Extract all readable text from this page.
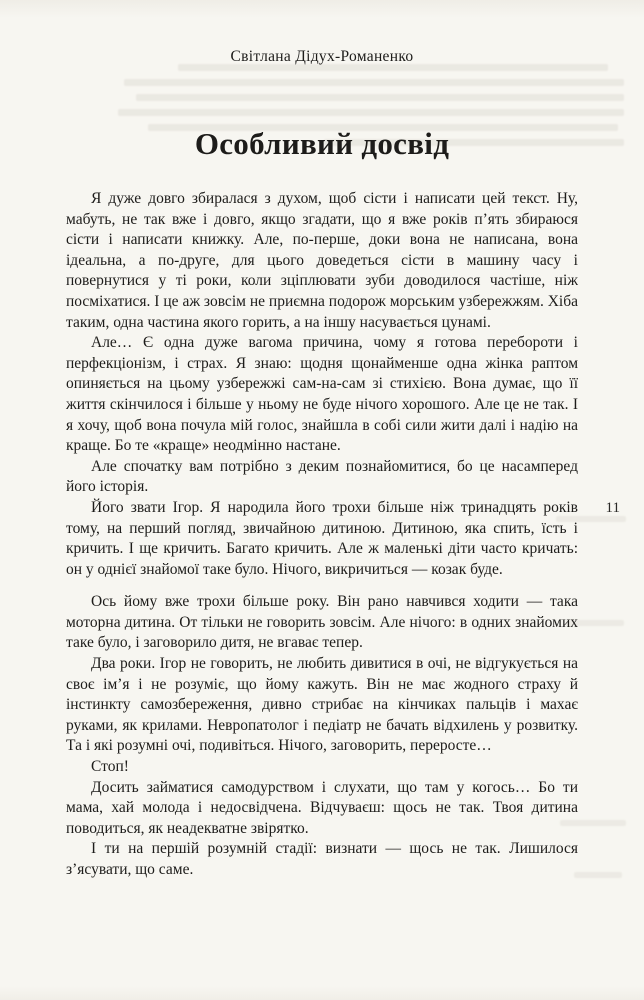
Світлана Дідух-Романенко
Особливий досвід

Я дуже довго збиралася з духом, щоб сісти і написати цей текст. Ну, мабуть, не так вже і довго, якщо згадати, що я вже років п’ять збираюся сісти і написати книжку. Але, по-перше, доки вона не написана, вона ідеальна, а по-друге, для цього доведеться сісти в машину часу і повернутися у ті роки, коли зціплювати зуби доводилося частіше, ніж посміхатися. І це аж зовсім не приємна подорож морським узбережжям. Хіба таким, одна частина якого горить, а на іншу насувається цунамі.

Але… Є одна дуже вагома причина, чому я готова перебороти і перфекціонізм, і страх. Я знаю: щодня щонайменше одна жінка раптом опиняється на цьому узбережжі сам-на-сам зі стихією. Вона думає, що її життя скінчилося і більше у ньому не буде нічого хорошого. Але це не так. І я хочу, щоб вона почула мій голос, знайшла в собі сили жити далі і надію на краще. Бо те «краще» неодмінно настане.

Але спочатку вам потрібно з деким познайомитися, бо це насамперед його історія.

Його звати Ігор. Я народила його трохи більше ніж тринадцять років тому, на перший погляд, звичайною дитиною. Дитиною, яка спить, їсть і кричить. І ще кричить. Багато кричить. Але ж маленькі діти часто кричать: он у однієї знайомої таке було. Нічого, викричиться — козак буде.

Ось йому вже трохи більше року. Він рано навчився ходити — така моторна дитина. От тільки не говорить зовсім. Але нічого: в одних знайомих таке було, і заговорило дитя, не вгаває тепер.

Два роки. Ігор не говорить, не любить дивитися в очі, не відгукується на своє ім’я і не розуміє, що йому кажуть. Він не має жодного страху й інстинкту самозбереження, дивно стрибає на кінчиках пальців і махає руками, як крилами. Невропатолог і педіатр не бачать відхилень у розвитку. Та і які розумні очі, подивіться. Нічого, заговорить, переросте…

Стоп!

Досить займатися самодурством і слухати, що там у когось… Бо ти мама, хай молода і недосвідчена. Відчуваєш: щось не так. Твоя дитина поводиться, як неадекватне звірятко.

І ти на першій розумній стадії: визнати — щось не так. Лишилося з’ясувати, що саме.

11
